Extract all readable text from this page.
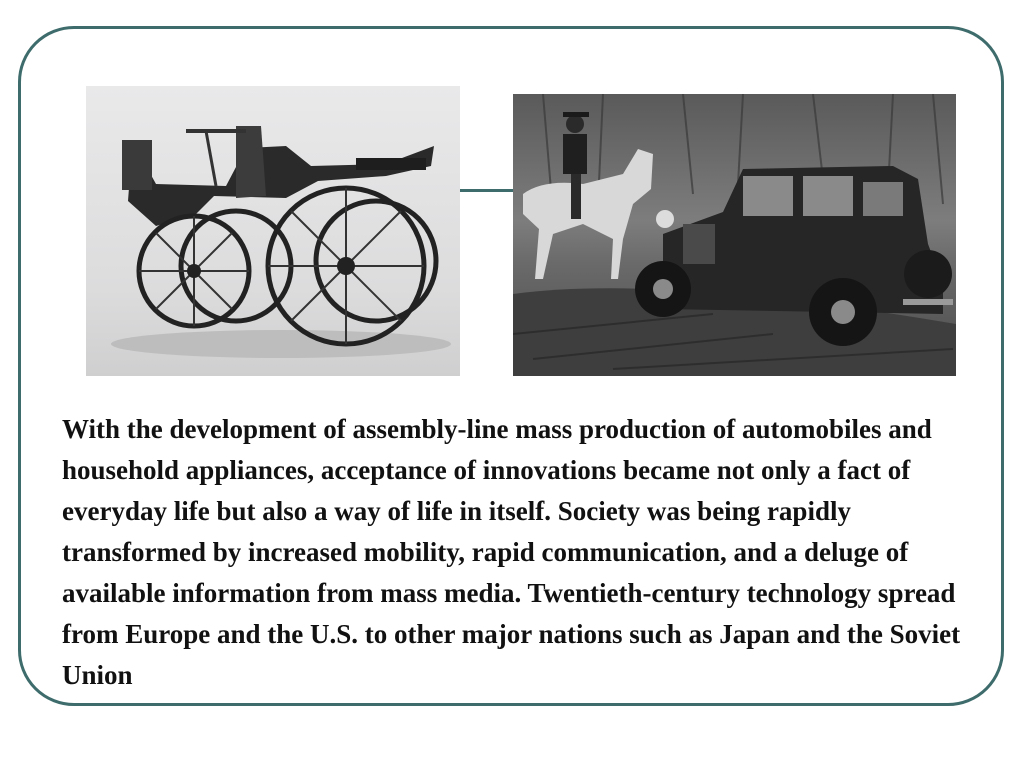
With the development of assembly-line mass production of automobiles and household appliances, acceptance of innovations became not only a fact of everyday life but also a way of life in itself. Society was being rapidly transformed by increased mobility, rapid communication, and a deluge of available information from mass media. Twentieth-century technology spread from Europe and the U.S. to other major nations such as Japan and the Soviet Union
